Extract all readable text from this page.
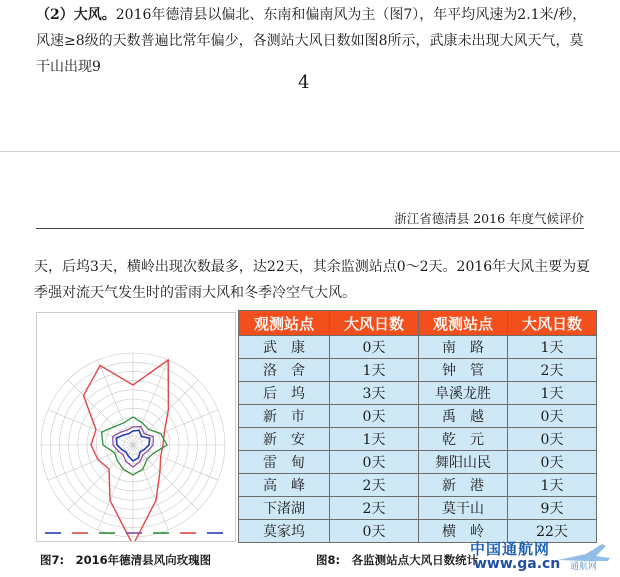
（2）大风。2016年德清县以偏北、东南和偏南风为主（图7），年平均风速为2.1米/秒，风速≥8级的天数普遍比常年偏少，各测站大风日数如图8所示，武康未出现大风天气，莫干山出现9
4
浙江省德清县 2016 年度气候评价
天，后坞3天，横岭出现次数最多，达22天，其余监测站点0～2天。2016年大风主要为夏季强对流天气发生时的雷雨大风和冬季冷空气大风。
观测站点	大风日数	观测站点	大风日数
武　康	0天	南　路	1天
洛　舍	1天	钟　管	2天
后　坞	3天	阜溪龙胜	1天
新　市	0天	禹　越	0天
新　安	1天	乾　元	0天
雷　甸	0天	舞阳山民	0天
高　峰	2天	新　港	1天
下渚湖	2天	莫干山	9天
莫家坞	0天	横　岭	22天
图7:　2016年德清县风向玫瑰图	图8:　各监测站点大风日数统计
中国通航网
www.ga.cn 通航网
